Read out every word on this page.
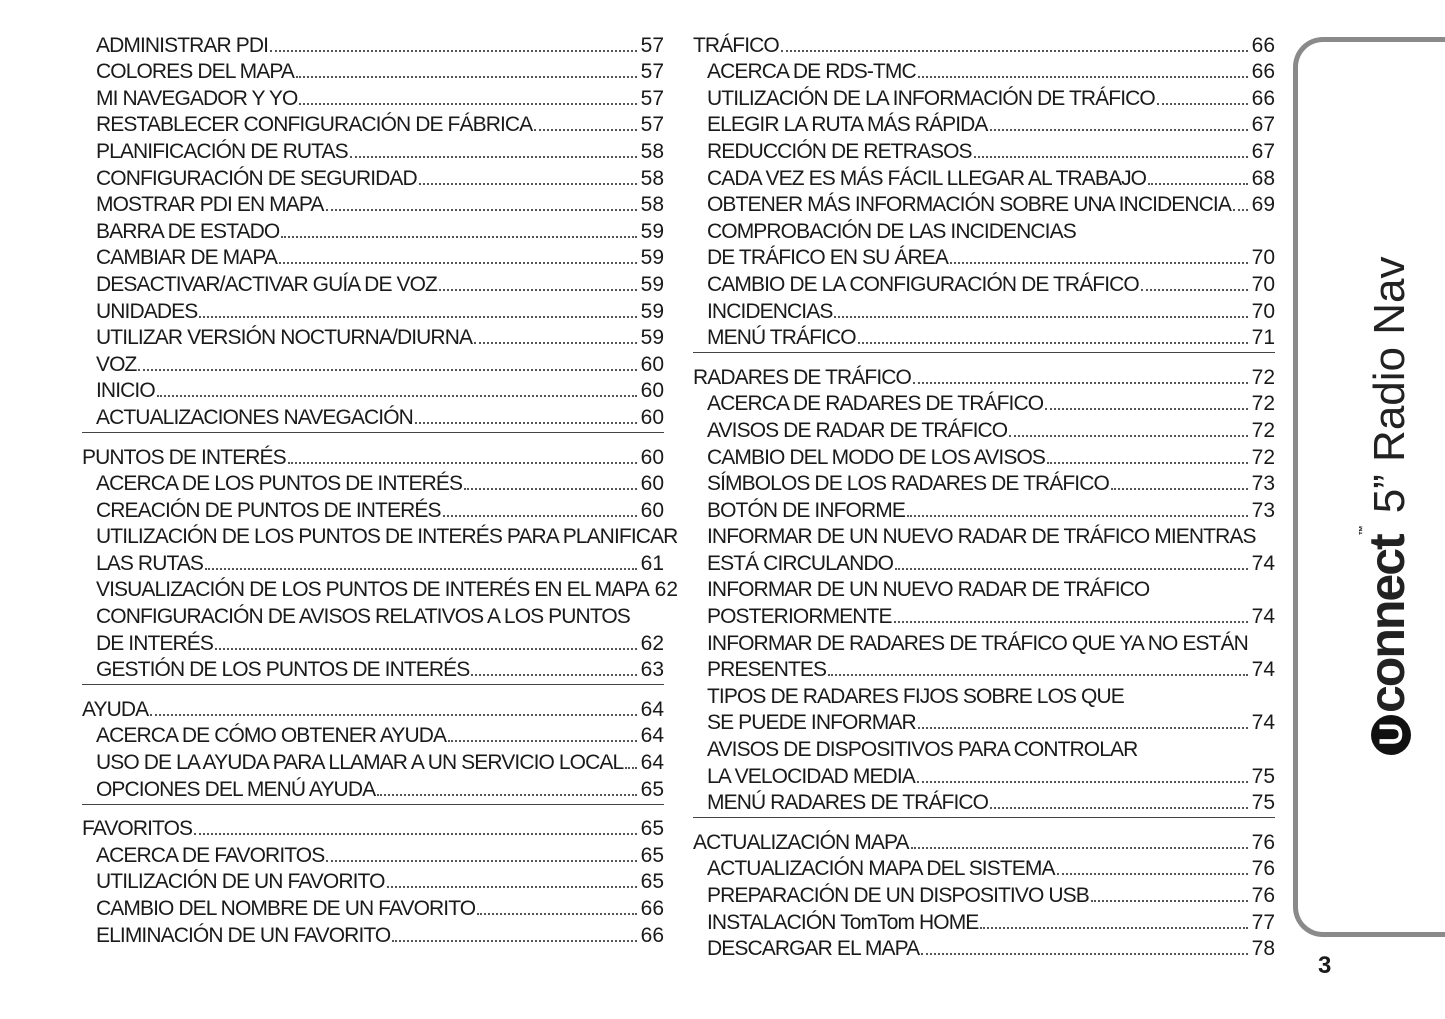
ADMINISTRAR PDI	57
COLORES DEL MAPA	57
MI NAVEGADOR Y YO	57
RESTABLECER CONFIGURACIÓN DE FÁBRICA	57
PLANIFICACIÓN DE RUTAS	58
CONFIGURACIÓN DE SEGURIDAD	58
MOSTRAR PDI EN MAPA	58
BARRA DE ESTADO	59
CAMBIAR DE MAPA	59
DESACTIVAR/ACTIVAR GUÍA DE VOZ	59
UNIDADES	59
UTILIZAR VERSIÓN NOCTURNA/DIURNA	59
VOZ	60
INICIO	60
ACTUALIZACIONES NAVEGACIÓN	60
PUNTOS DE INTERÉS	60
ACERCA DE LOS PUNTOS DE INTERÉS	60
CREACIÓN DE PUNTOS DE INTERÉS	60
UTILIZACIÓN DE LOS PUNTOS DE INTERÉS PARA PLANIFICAR
LAS RUTAS	61
VISUALIZACIÓN DE LOS PUNTOS DE INTERÉS EN EL MAPA 62
CONFIGURACIÓN DE AVISOS RELATIVOS A LOS PUNTOS
DE INTERÉS	62
GESTIÓN DE LOS PUNTOS DE INTERÉS	63
AYUDA	64
ACERCA DE CÓMO OBTENER AYUDA	64
USO DE LA AYUDA PARA LLAMAR A UN SERVICIO LOCAL 64
OPCIONES DEL MENÚ AYUDA	65
FAVORITOS	65
ACERCA DE FAVORITOS	65
UTILIZACIÓN DE UN FAVORITO	65
CAMBIO DEL NOMBRE DE UN FAVORITO	66
ELIMINACIÓN DE UN FAVORITO	66
TRÁFICO	66
ACERCA DE RDS-TMC	66
UTILIZACIÓN DE LA INFORMACIÓN DE TRÁFICO	66
ELEGIR LA RUTA MÁS RÁPIDA	67
REDUCCIÓN DE RETRASOS	67
CADA VEZ ES MÁS FÁCIL LLEGAR AL TRABAJO	68
OBTENER MÁS INFORMACIÓN SOBRE UNA INCIDENCIA 69
COMPROBACIÓN DE LAS INCIDENCIAS
DE TRÁFICO EN SU ÁREA	70
CAMBIO DE LA CONFIGURACIÓN DE TRÁFICO	70
INCIDENCIAS	70
MENÚ TRÁFICO	71
RADARES DE TRÁFICO	72
ACERCA DE RADARES DE TRÁFICO	72
AVISOS DE RADAR DE TRÁFICO	72
CAMBIO DEL MODO DE LOS AVISOS	72
SÍMBOLOS DE LOS RADARES DE TRÁFICO	73
BOTÓN DE INFORME	73
INFORMAR DE UN NUEVO RADAR DE TRÁFICO MIENTRAS
ESTÁ CIRCULANDO	74
INFORMAR DE UN NUEVO RADAR DE TRÁFICO
POSTERIORMENTE	74
INFORMAR DE RADARES DE TRÁFICO QUE YA NO ESTÁN
PRESENTES	74
TIPOS DE RADARES FIJOS SOBRE LOS QUE
SE PUEDE INFORMAR	74
AVISOS DE DISPOSITIVOS PARA CONTROLAR
LA VELOCIDAD MEDIA	75
MENÚ RADARES DE TRÁFICO	75
ACTUALIZACIÓN MAPA	76
ACTUALIZACIÓN MAPA DEL SISTEMA	76
PREPARACIÓN DE UN DISPOSITIVO USB	76
INSTALACIÓN TomTom HOME	77
DESCARGAR EL MAPA	78
Uconnect™5” Radio Nav
3
